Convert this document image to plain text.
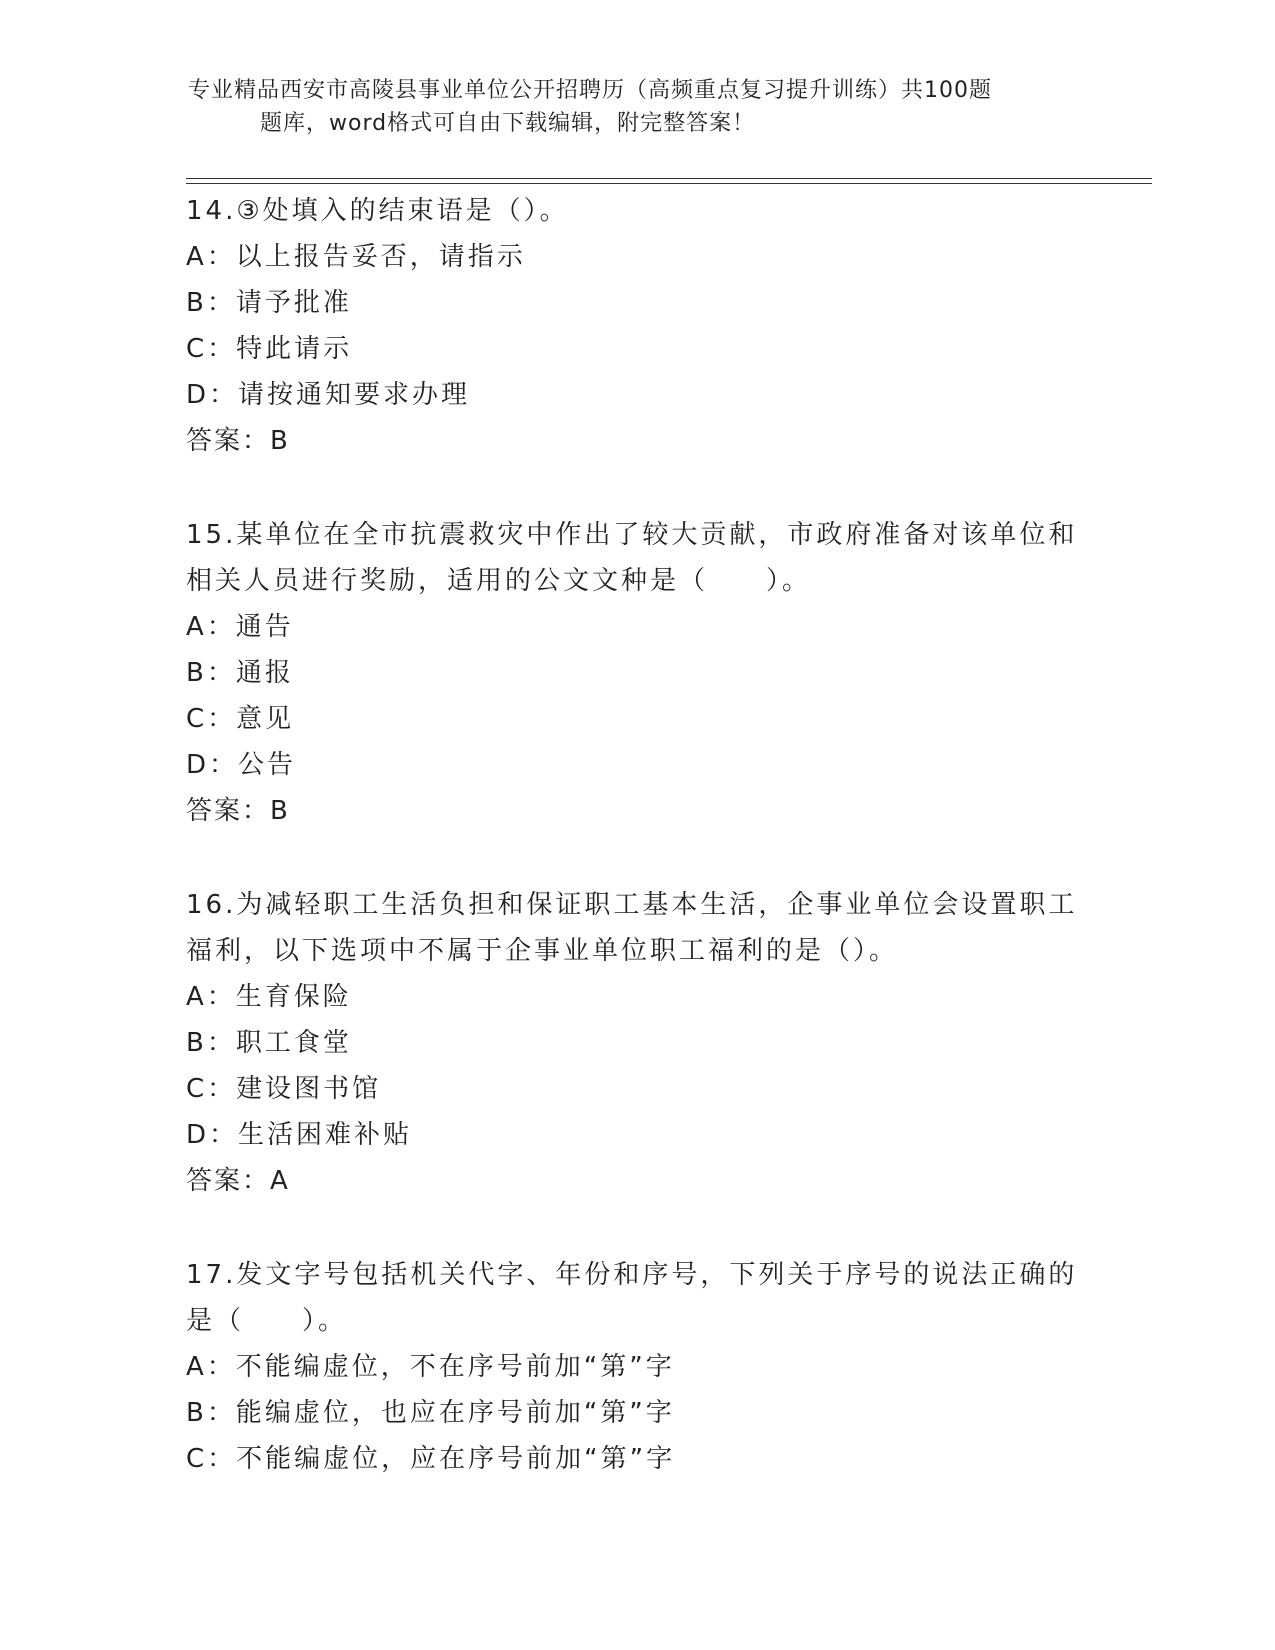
专业精品西安市高陵县事业单位公开招聘历（高频重点复习提升训练）共100题
题库，word格式可自由下载编辑，附完整答案！
14.③处填入的结束语是（）。
A：以上报告妥否，请指示
B：请予批准
C：特此请示
D：请按通知要求办理
答案：B
15.某单位在全市抗震救灾中作出了较大贡献，市政府准备对该单位和
相关人员进行奖励，适用的公文文种是（　　）。
A：通告
B：通报
C：意见
D：公告
答案：B
16.为减轻职工生活负担和保证职工基本生活，企事业单位会设置职工
福利，以下选项中不属于企事业单位职工福利的是（）。
A：生育保险
B：职工食堂
C：建设图书馆
D：生活困难补贴
答案：A
17.发文字号包括机关代字、年份和序号，下列关于序号的说法正确的
是（　　）。
A：不能编虚位，不在序号前加“第”字
B：能编虚位，也应在序号前加“第”字
C：不能编虚位，应在序号前加“第”字
